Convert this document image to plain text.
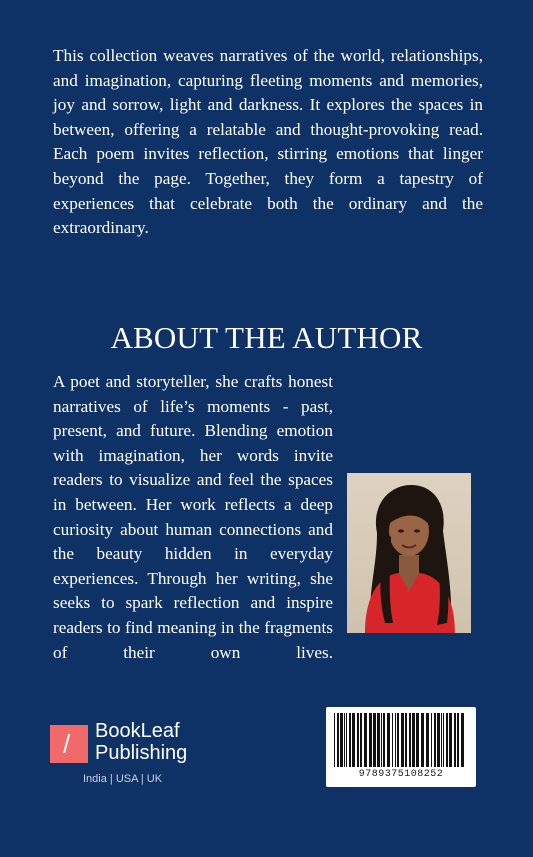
This collection weaves narratives of the world, relationships, and imagination, capturing fleeting moments and memories, joy and sorrow, light and darkness. It explores the spaces in between, offering a relatable and thought-provoking read. Each poem invites reflection, stirring emotions that linger beyond the page. Together, they form a tapestry of experiences that celebrate both the ordinary and the extraordinary.

ABOUT THE AUTHOR

A poet and storyteller, she crafts honest narratives of life’s moments - past, present, and future. Blending emotion with imagination, her words invite readers to visualize and feel the spaces in between. Her work reflects a deep curiosity about human connections and the beauty hidden in everyday experiences. Through her writing, she seeks to spark reflection and inspire readers to find meaning in the fragments of their own lives.

/ BookLeaf
Publishing
India | USA | UK	9789375108252
